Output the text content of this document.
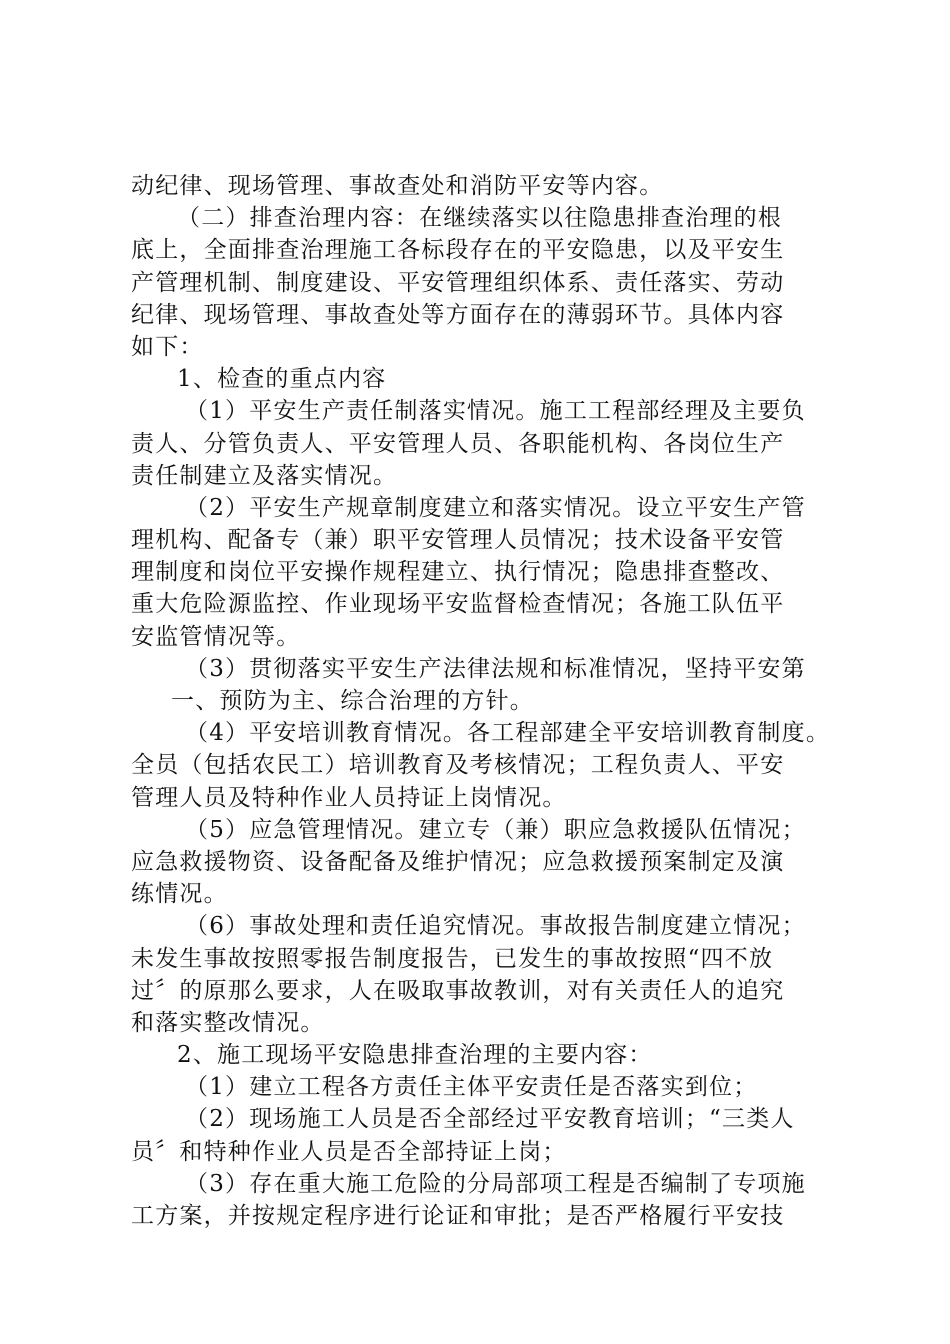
动纪律、现场管理、事故查处和消防平安等内容。
（二）排查治理内容：在继续落实以往隐患排查治理的根
底上，全面排查治理施工各标段存在的平安隐患，以及平安生
产管理机制、制度建设、平安管理组织体系、责任落实、劳动
纪律、现场管理、事故查处等方面存在的薄弱环节。具体内容
如下：
1、检查的重点内容
（1）平安生产责任制落实情况。施工工程部经理及主要负
责人、分管负责人、平安管理人员、各职能机构、各岗位生产
责任制建立及落实情况。
（2）平安生产规章制度建立和落实情况。设立平安生产管
理机构、配备专（兼）职平安管理人员情况；技术设备平安管
理制度和岗位平安操作规程建立、执行情况；隐患排查整改、
重大危险源监控、作业现场平安监督检查情况；各施工队伍平
安监管情况等。
（3）贯彻落实平安生产法律法规和标准情况，坚持平安第
一、预防为主、综合治理的方针。
（4）平安培训教育情况。各工程部建全平安培训教育制度。
全员（包括农民工）培训教育及考核情况；工程负责人、平安
管理人员及特种作业人员持证上岗情况。
（5）应急管理情况。建立专（兼）职应急救援队伍情况；
应急救援物资、设备配备及维护情况；应急救援预案制定及演
练情况。
（6）事故处理和责任追究情况。事故报告制度建立情况；
未发生事故按照零报告制度报告，已发生的事故按照“四不放
过〞的原那么要求，人在吸取事故教训，对有关责任人的追究
和落实整改情况。
2、施工现场平安隐患排查治理的主要内容：
（1）建立工程各方责任主体平安责任是否落实到位；
（2）现场施工人员是否全部经过平安教育培训；“三类人
员〞和特种作业人员是否全部持证上岗；
（3）存在重大施工危险的分局部项工程是否编制了专项施
工方案，并按规定程序进行论证和审批；是否严格履行平安技
